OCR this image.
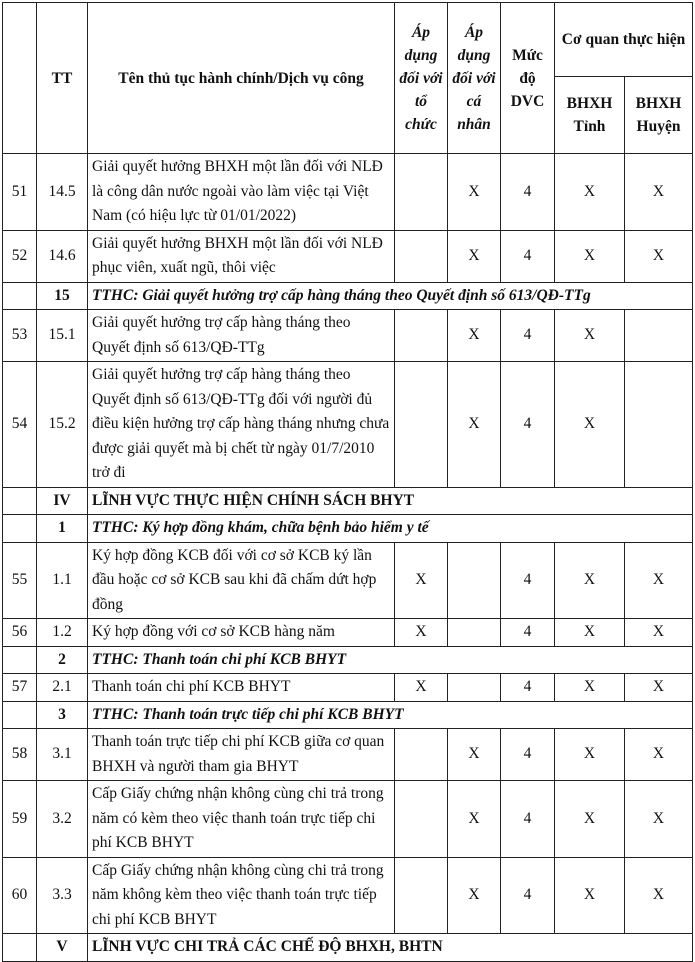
	TT	Tên thủ tục hành chính/Dịch vụ công	Áp dụng đối với tổ chức	Áp dụng đối với cá nhân	Mức độ DVC	Cơ quan thực hiện	
						BHXH Tỉnh	BHXH Huyện
51	14.5	Giải quyết hưởng BHXH một lần đối với NLĐ là công dân nước ngoài vào làm việc tại Việt Nam (có hiệu lực từ 01/01/2022)		X	4	X	X
52	14.6	Giải quyết hưởng BHXH một lần đối với NLĐ phục viên, xuất ngũ, thôi việc		X	4	X	X
	15	TTHC: Giải quyết hưởng trợ cấp hàng tháng theo Quyết định số 613/QĐ-TTg					
53	15.1	Giải quyết hưởng trợ cấp hàng tháng theo Quyết định số 613/QĐ-TTg		X	4	X	
54	15.2	Giải quyết hưởng trợ cấp hàng tháng theo Quyết định số 613/QĐ-TTg đối với người đủ điều kiện hưởng trợ cấp hàng tháng nhưng chưa được giải quyết mà bị chết từ ngày 01/7/2010 trở đi		X	4	X	
	IV	LĨNH VỰC THỰC HIỆN CHÍNH SÁCH BHYT					
	1	TTHC: Ký hợp đồng khám, chữa bệnh bảo hiểm y tế					
55	1.1	Ký hợp đồng KCB đối với cơ sở KCB ký lần đầu hoặc cơ sở KCB sau khi đã chấm dứt hợp đồng	X		4	X	X
56	1.2	Ký hợp đồng với cơ sở KCB hàng năm	X		4	X	X
	2	TTHC: Thanh toán chi phí KCB BHYT					
57	2.1	Thanh toán chi phí KCB BHYT	X		4	X	X
	3	TTHC: Thanh toán trực tiếp chi phí KCB BHYT					
58	3.1	Thanh toán trực tiếp chi phí KCB giữa cơ quan BHXH và người tham gia BHYT		X	4	X	X
59	3.2	Cấp Giấy chứng nhận không cùng chi trả trong năm có kèm theo việc thanh toán trực tiếp chi phí KCB BHYT		X	4	X	X
60	3.3	Cấp Giấy chứng nhận không cùng chi trả trong năm không kèm theo việc thanh toán trực tiếp chi phí KCB BHYT		X	4	X	X
	V	LĨNH VỰC CHI TRẢ CÁC CHẾ ĐỘ BHXH, BHTN					
